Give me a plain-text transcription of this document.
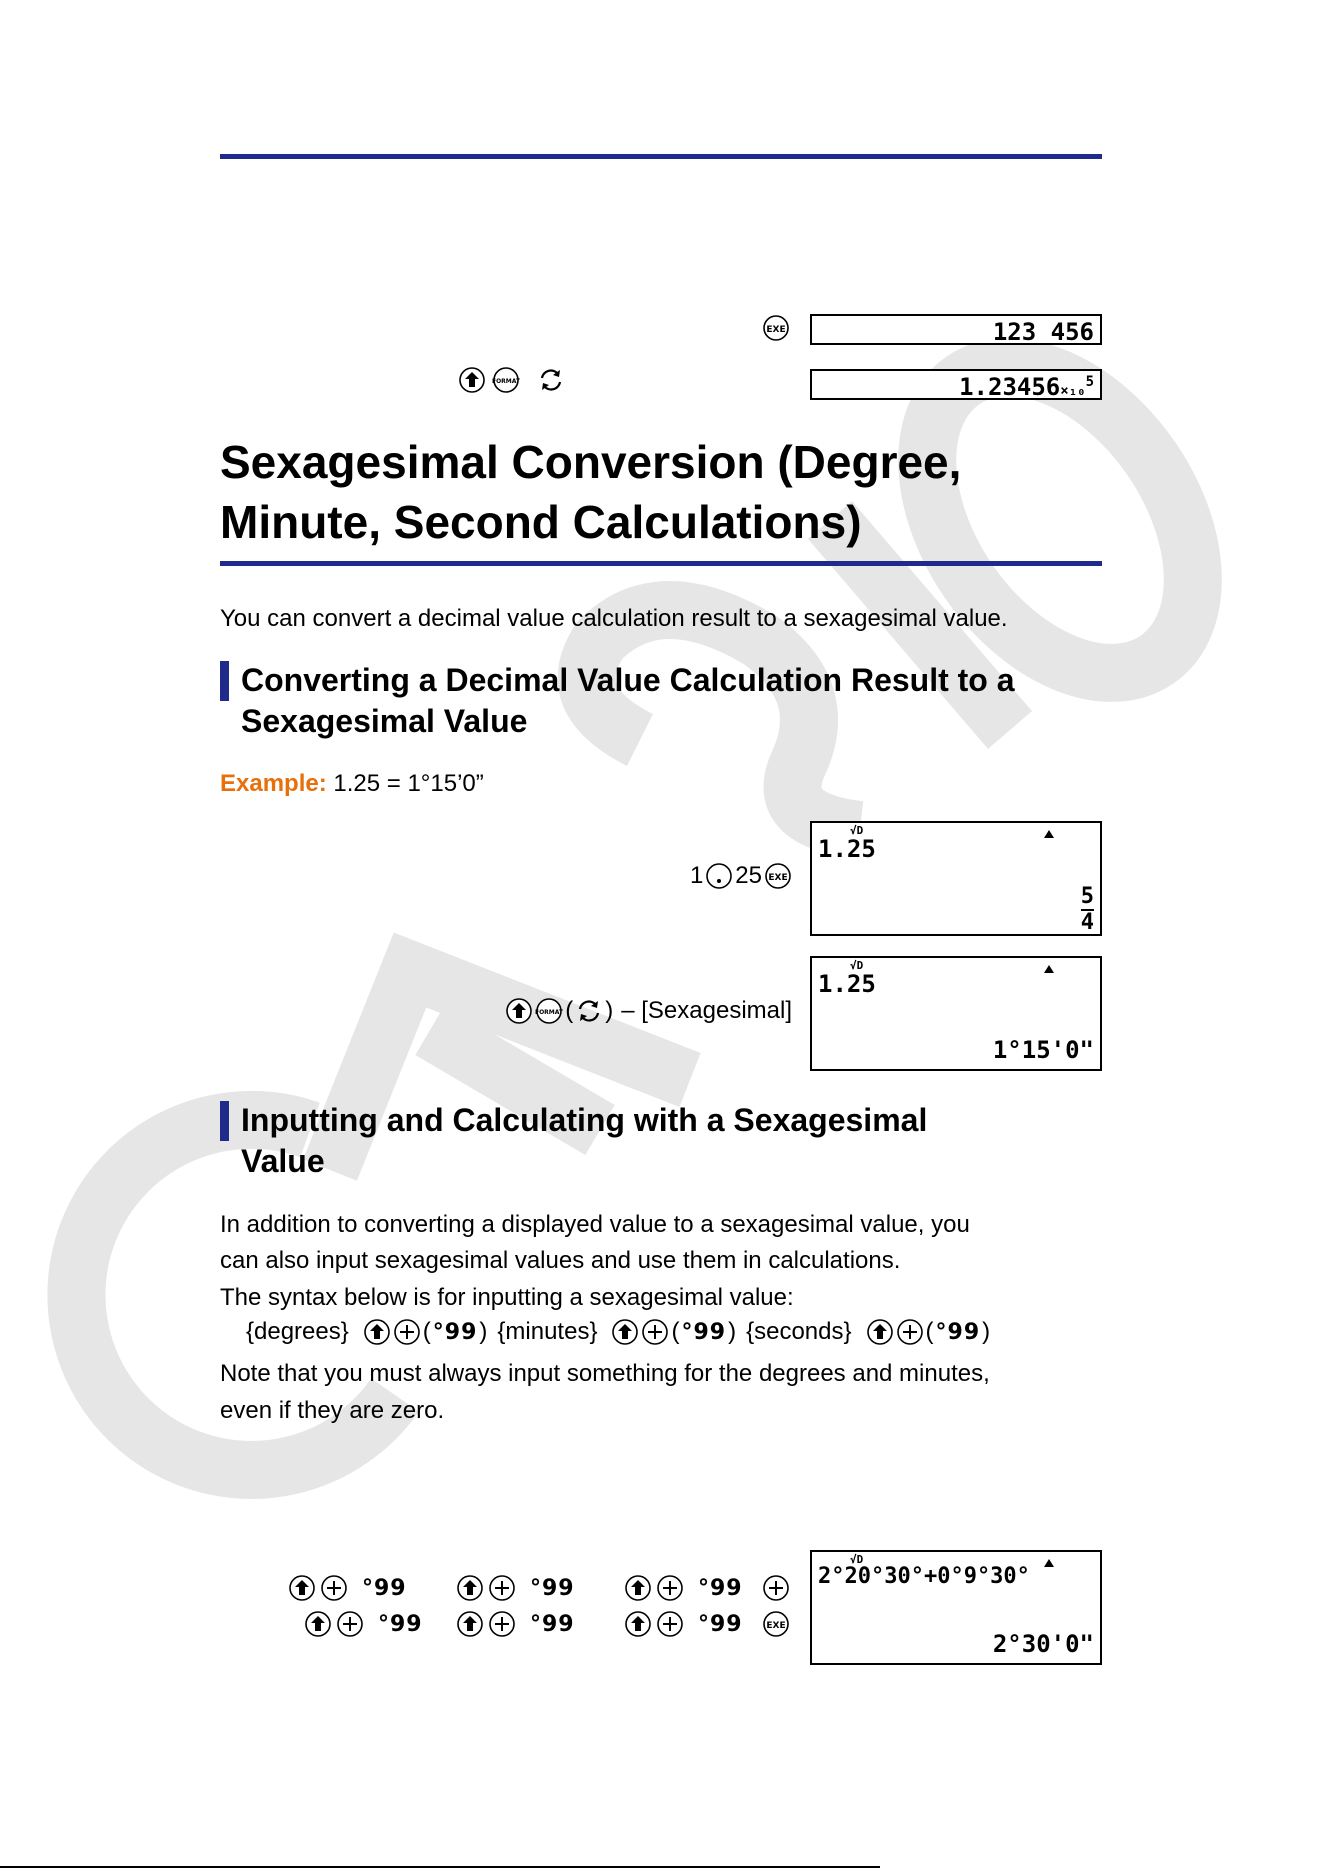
EXE	123 456
FORMAT	1.23456×₁₀$^5$
Sexagesimal Conversion (Degree,
Minute, Second Calculations)
You can convert a decimal value calculation result to a sexagesimal value.
Converting a Decimal Value Calculation Result to a
Sexagesimal Value
Example: 1.25 = 1°15’0”
1 25 EXE
√D
1.25
$\frac{5}{4}$
FORMAT ( ) – [Sexagesimal]
√D
1.25
1°15'0"
Inputting and Calculating with a Sexagesimal
Value
In addition to converting a displayed value to a sexagesimal value, you
can also input sexagesimal values and use them in calculations.
The syntax below is for inputting a sexagesimal value:
{degrees}	( °99 ) {minutes}	( °99 ) {seconds}	( °99 )
Note that you must always input something for the degrees and minutes,
even if they are zero.
°99	°99	°99
°99	°99	°99	EXE
√D
2°20°30°+0°9°30°
2°30'0"
